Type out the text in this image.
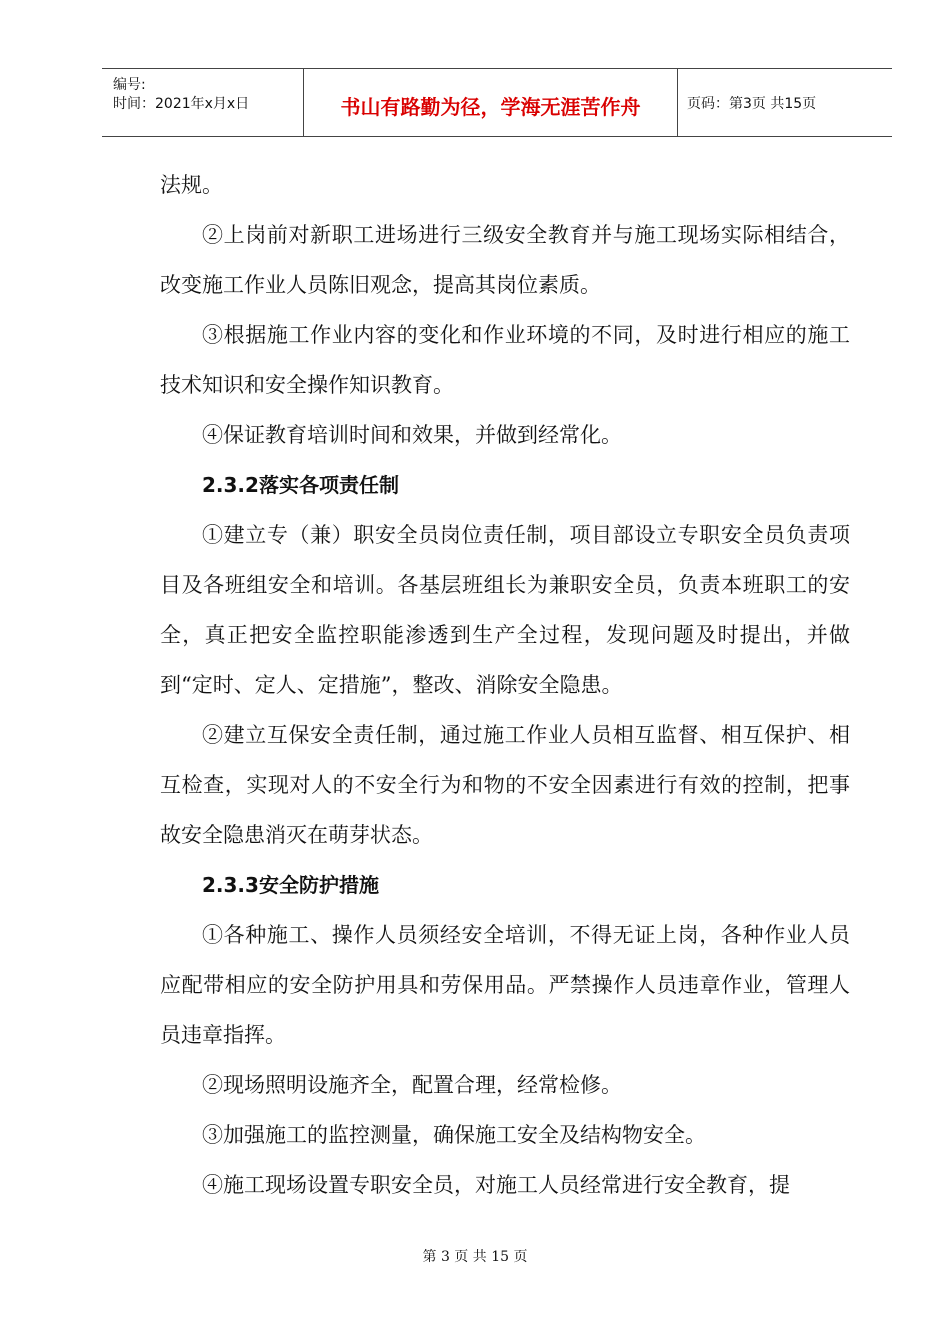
编号:
时间：2021年x月x日	书山有路勤为径，学海无涯苦作舟	页码：第3页 共15页

法规。

②上岗前对新职工进场进行三级安全教育并与施工现场实际相结合，改变施工作业人员陈旧观念，提高其岗位素质。

③根据施工作业内容的变化和作业环境的不同，及时进行相应的施工技术知识和安全操作知识教育。

④保证教育培训时间和效果，并做到经常化。

2.3.2落实各项责任制

①建立专（兼）职安全员岗位责任制，项目部设立专职安全员负责项目及各班组安全和培训。各基层班组长为兼职安全员，负责本班职工的安全，真正把安全监控职能渗透到生产全过程，发现问题及时提出，并做到“定时、定人、定措施”，整改、消除安全隐患。

②建立互保安全责任制，通过施工作业人员相互监督、相互保护、相互检查，实现对人的不安全行为和物的不安全因素进行有效的控制，把事故安全隐患消灭在萌芽状态。

2.3.3安全防护措施

①各种施工、操作人员须经安全培训，不得无证上岗，各种作业人员应配带相应的安全防护用具和劳保用品。严禁操作人员违章作业，管理人员违章指挥。

②现场照明设施齐全，配置合理，经常检修。

③加强施工的监控测量，确保施工安全及结构物安全。

④施工现场设置专职安全员，对施工人员经常进行安全教育，提

第 3 页 共 15 页
